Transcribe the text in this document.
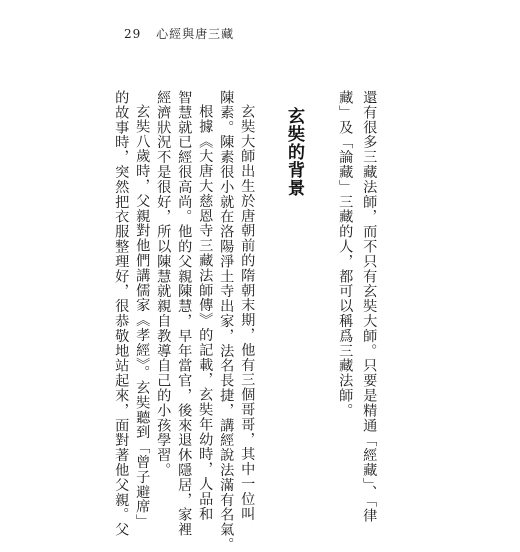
29 心經與唐三藏
還有很多三藏法師，而不只有玄奘大師。只要是精通「經藏」、「律
藏」及「論藏」三藏的人，都可以稱爲三藏法師。
玄奘的背景
玄奘大師出生於唐朝前的隋朝末期，他有三個哥哥，其中一位叫
陳素。陳素很小就在洛陽淨土寺出家，法名長捷，講經說法滿有名氣。
根據《大唐大慈恩寺三藏法師傳》的記載，玄奘年幼時，人品和
智慧就已經很高尚。他的父親陳慧，早年當官，後來退休隱居，家裡
經濟狀況不是很好，所以陳慧就親自教導自己的小孩學習。
玄奘八歲時，父親對他們講儒家《孝經》。玄奘聽到「曾子避席」
的故事時，突然把衣服整理好，很恭敬地站起來，面對著他父親。父
